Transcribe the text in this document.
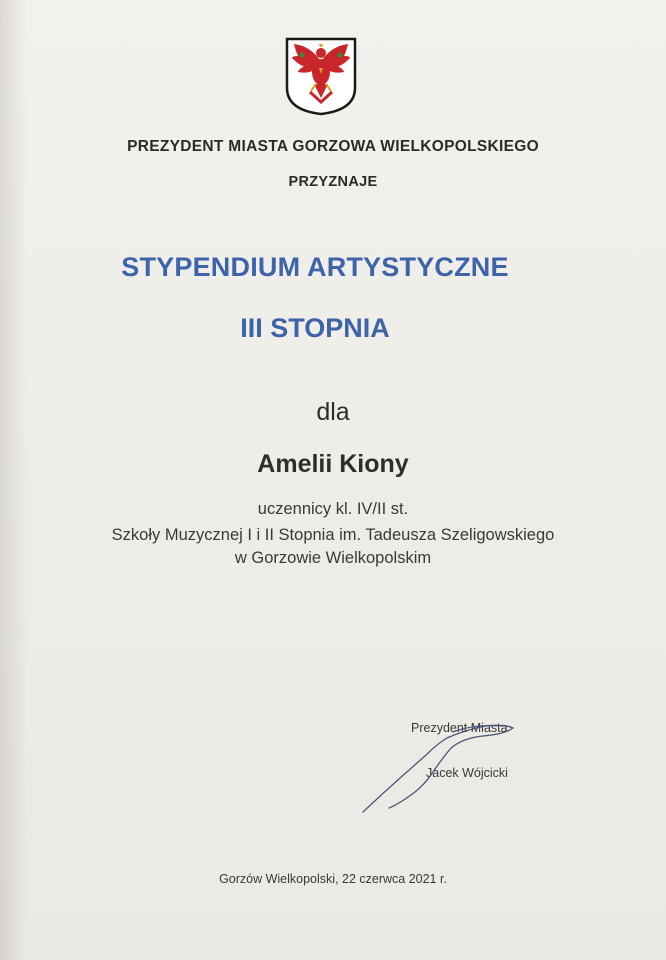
PREZYDENT MIASTA GORZOWA WIELKOPOLSKIEGO
PRZYZNAJE
STYPENDIUM ARTYSTYCZNE
III STOPNIA
dla
Amelii Kiony
uczennicy kl. IV/II st.
Szkoły Muzycznej I i II Stopnia im. Tadeusza Szeligowskiego
w Gorzowie Wielkopolskim
Prezydent Miasta
Jacek Wójcicki
Gorzów Wielkopolski, 22 czerwca 2021 r.
